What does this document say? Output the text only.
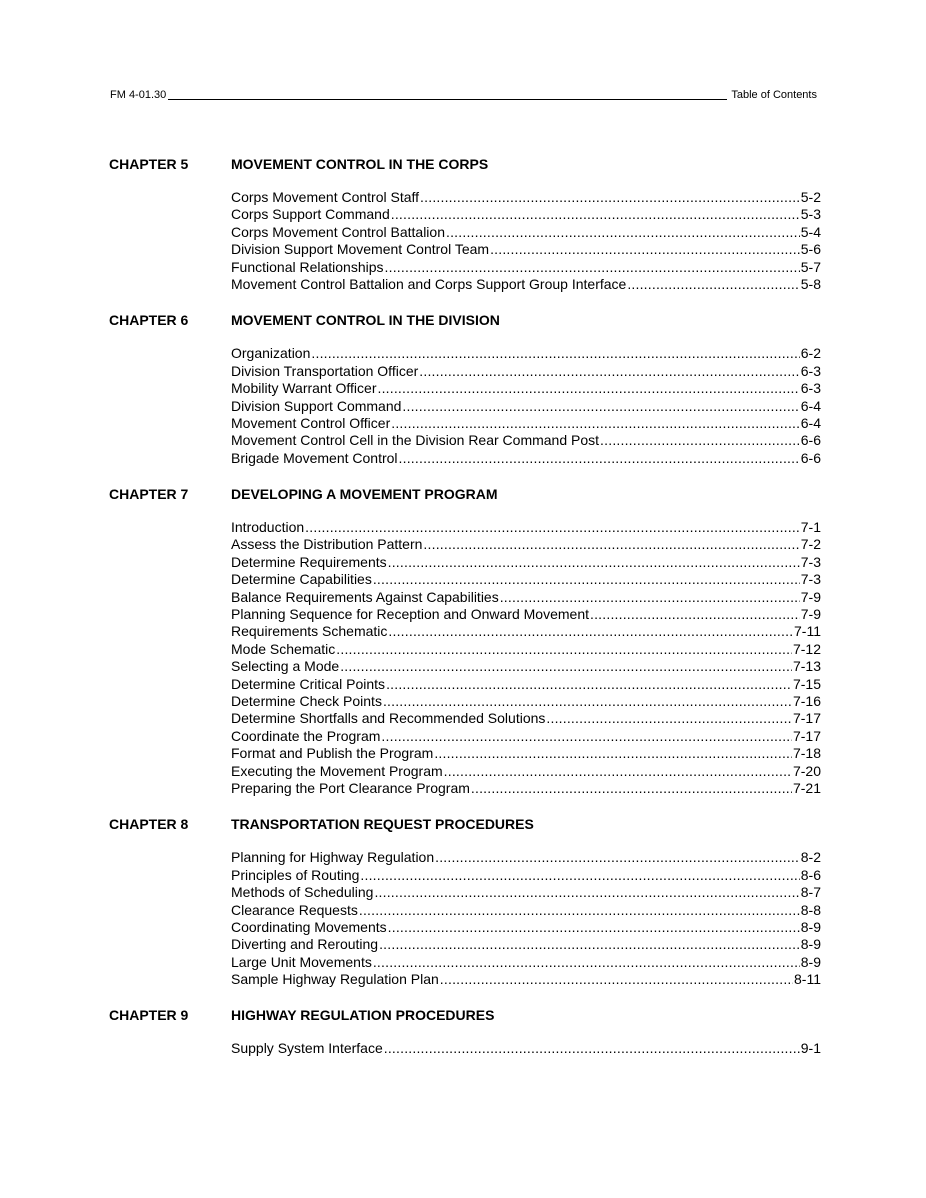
FM 4-01.30	Table of Contents
CHAPTER 5	MOVEMENT CONTROL IN THE CORPS
Corps Movement Control Staff .....	5-2
Corps Support Command .....	5-3
Corps Movement Control Battalion .....	5-4
Division Support Movement Control Team .....	5-6
Functional Relationships .....	5-7
Movement Control Battalion and Corps Support Group Interface .....	5-8
CHAPTER 6	MOVEMENT CONTROL IN THE DIVISION
Organization .....	6-2
Division Transportation Officer .....	6-3
Mobility Warrant Officer .....	6-3
Division Support Command .....	6-4
Movement Control Officer .....	6-4
Movement Control Cell in the Division Rear Command Post .....	6-6
Brigade Movement Control .....	6-6
CHAPTER 7	DEVELOPING A MOVEMENT PROGRAM
Introduction .....	7-1
Assess the Distribution Pattern .....	7-2
Determine Requirements .....	7-3
Determine Capabilities .....	7-3
Balance Requirements Against Capabilities .....	7-9
Planning Sequence for Reception and Onward Movement .....	7-9
Requirements Schematic .....	7-11
Mode Schematic .....	7-12
Selecting a Mode .....	7-13
Determine Critical Points .....	7-15
Determine Check Points .....	7-16
Determine Shortfalls and Recommended Solutions .....	7-17
Coordinate the Program .....	7-17
Format and Publish the Program .....	7-18
Executing the Movement Program .....	7-20
Preparing the Port Clearance Program .....	7-21
CHAPTER 8	TRANSPORTATION REQUEST PROCEDURES
Planning for Highway Regulation .....	8-2
Principles of Routing .....	8-6
Methods of Scheduling .....	8-7
Clearance Requests .....	8-8
Coordinating Movements .....	8-9
Diverting and Rerouting .....	8-9
Large Unit Movements .....	8-9
Sample Highway Regulation Plan .....	8-11
CHAPTER 9	HIGHWAY REGULATION PROCEDURES
Supply System Interface .....	9-1
